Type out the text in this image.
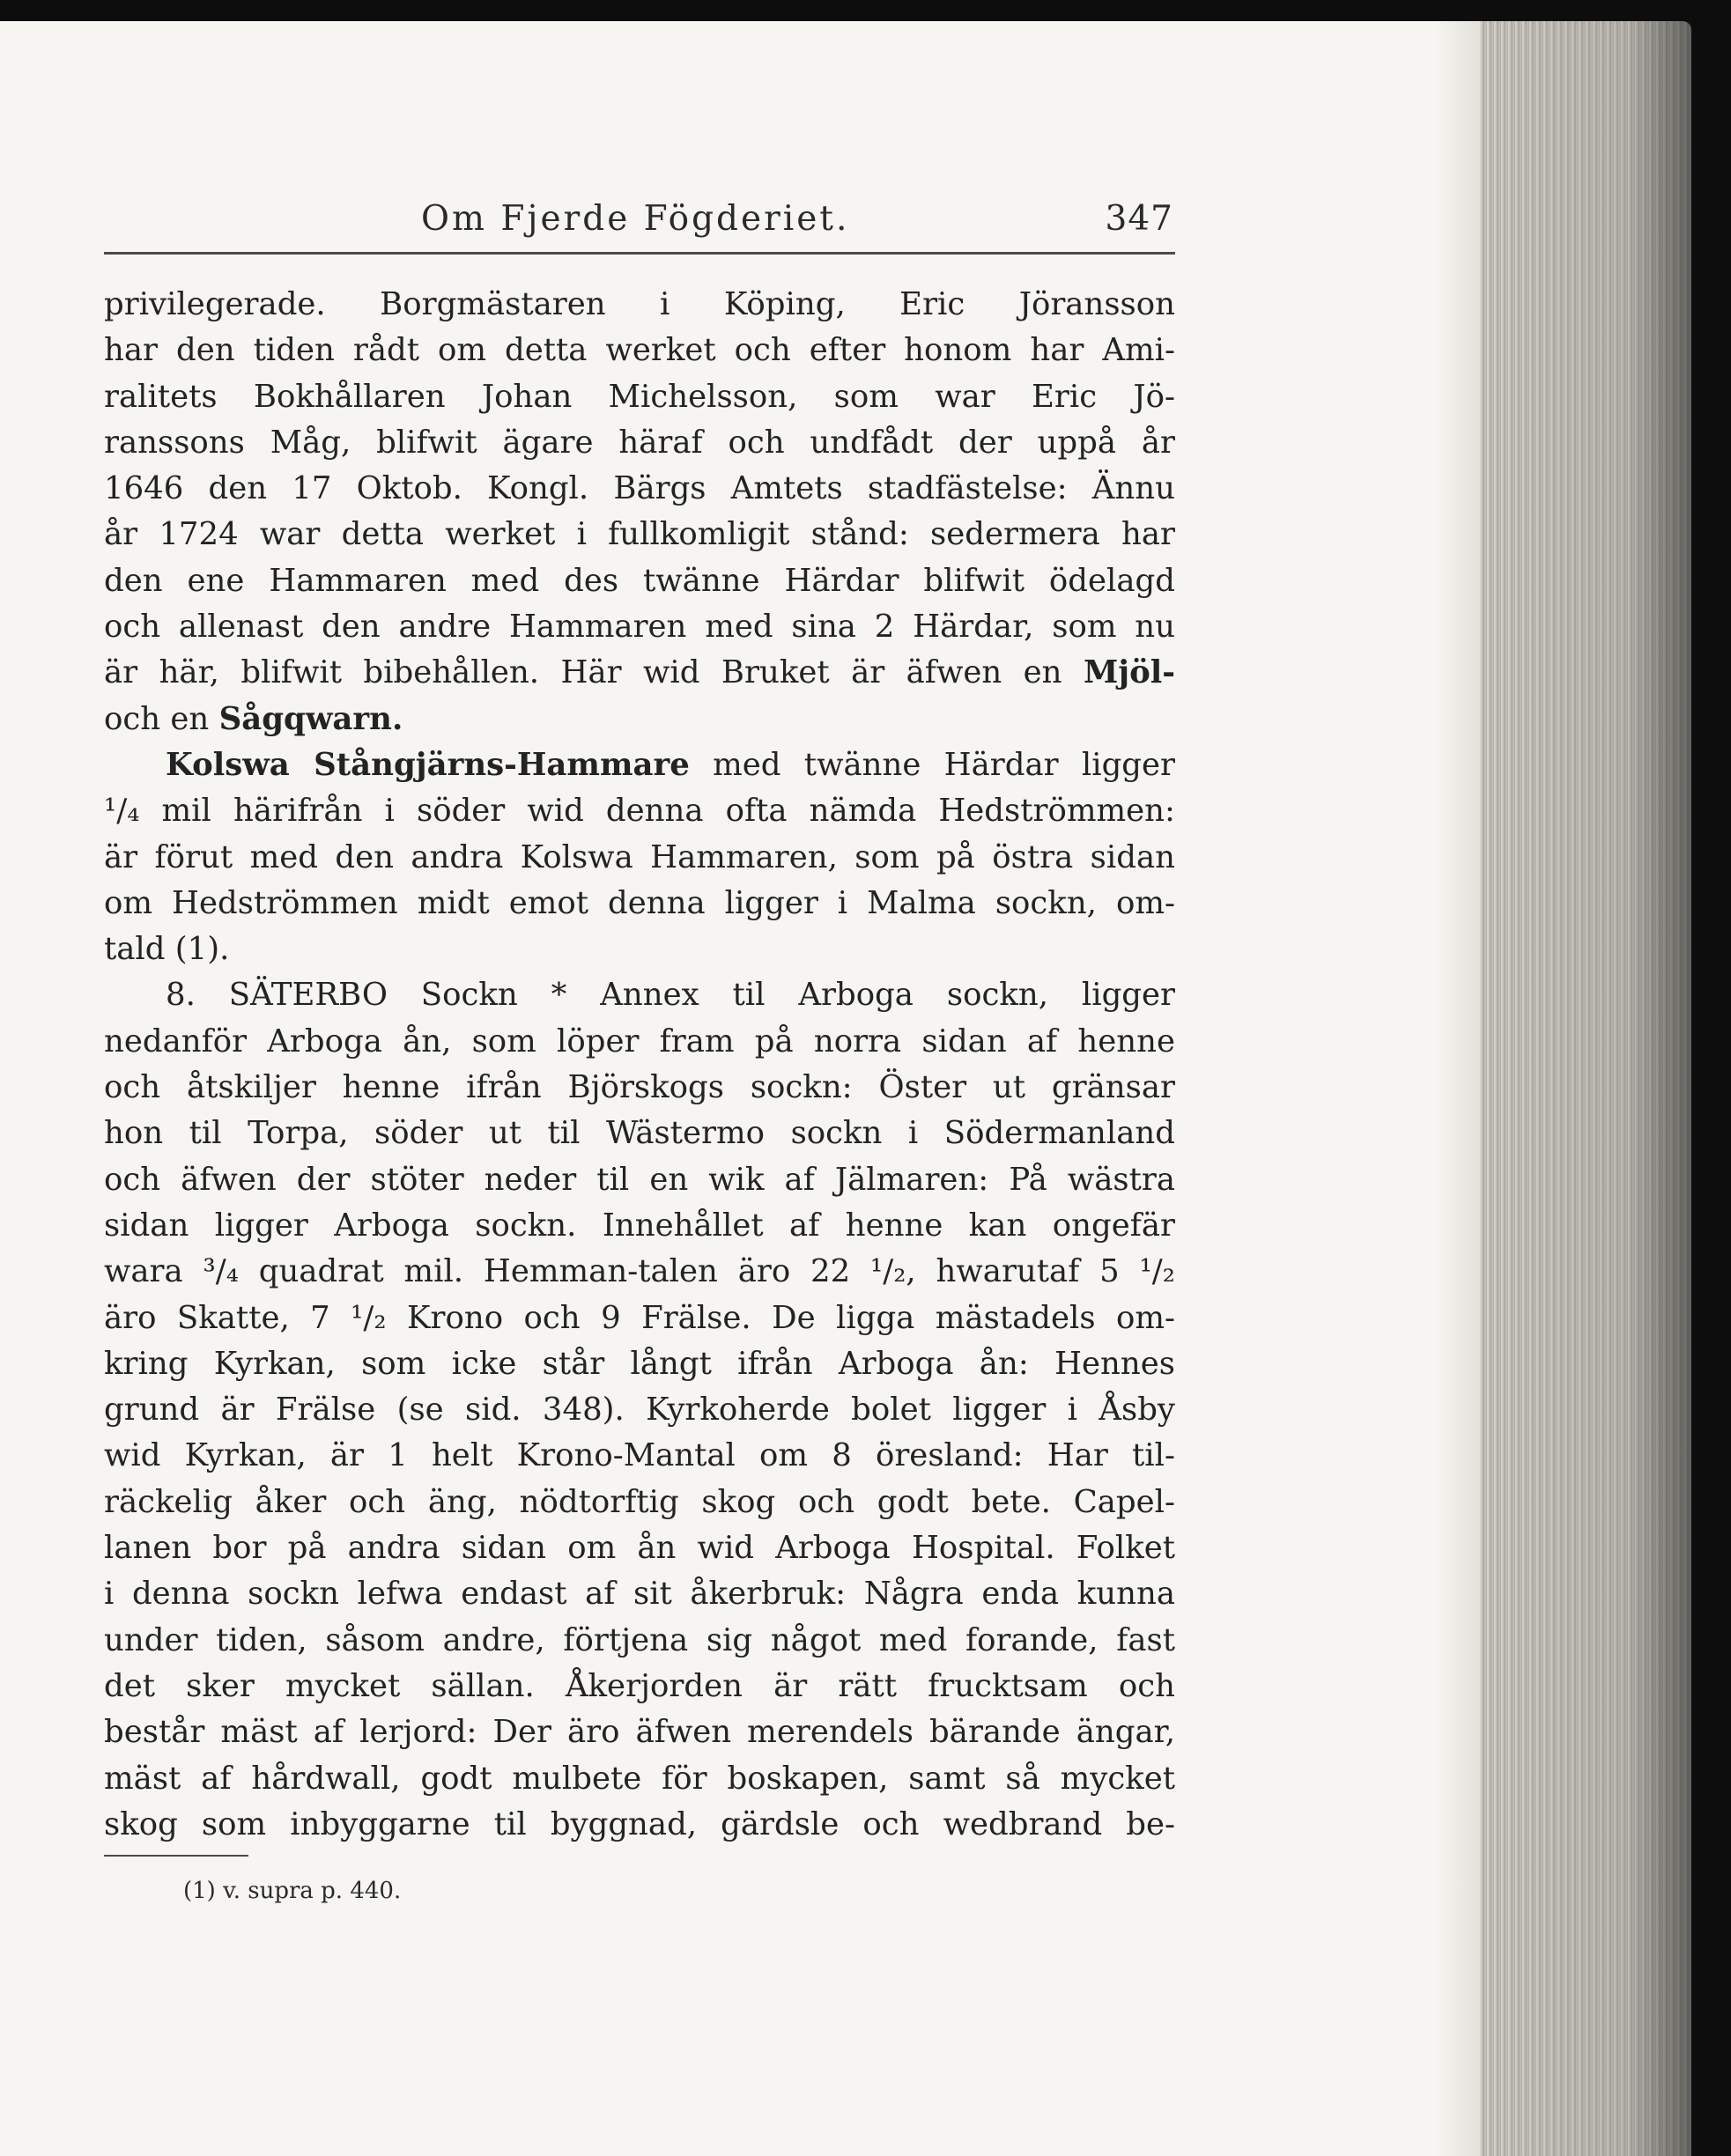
Om Fjerde Fögderiet.	347
privilegerade. Borgmästaren i Köping, Eric Jöransson
har den tiden rådt om detta werket och efter honom har Ami-
ralitets Bokhållaren Johan Michelsson, som war Eric Jö-
ranssons Måg, blifwit ägare häraf och undfådt der uppå år
1646 den 17 Oktob. Kongl. Bärgs Amtets stadfästelse: Ännu
år 1724 war detta werket i fullkomligit stånd: sedermera har
den ene Hammaren med des twänne Härdar blifwit ödelagd
och allenast den andre Hammaren med sina 2 Härdar, som nu
är här, blifwit bibehållen. Här wid Bruket är äfwen en Mjöl-
och en Sågqwarn.
Kolswa Stångjärns-Hammare med twänne Härdar ligger
¹/₄ mil härifrån i söder wid denna ofta nämda Hedströmmen:
är förut med den andra Kolswa Hammaren, som på östra sidan
om Hedströmmen midt emot denna ligger i Malma sockn, om-
tald (1).
8. SÄTERBO Sockn * Annex til Arboga sockn, ligger
nedanför Arboga ån, som löper fram på norra sidan af henne
och åtskiljer henne ifrån Björskogs sockn: Öster ut gränsar
hon til Torpa, söder ut til Wästermo sockn i Södermanland
och äfwen der stöter neder til en wik af Jälmaren: På wästra
sidan ligger Arboga sockn. Innehållet af henne kan ongefär
wara ³/₄ quadrat mil. Hemman-talen äro 22 ¹/₂, hwarutaf 5 ¹/₂
äro Skatte, 7 ¹/₂ Krono och 9 Frälse. De ligga mästadels om-
kring Kyrkan, som icke står långt ifrån Arboga ån: Hennes
grund är Frälse (se sid. 348). Kyrkoherde bolet ligger i Åsby
wid Kyrkan, är 1 helt Krono-Mantal om 8 öresland: Har til-
räckelig åker och äng, nödtorftig skog och godt bete. Capel-
lanen bor på andra sidan om ån wid Arboga Hospital. Folket
i denna sockn lefwa endast af sit åkerbruk: Några enda kunna
under tiden, såsom andre, förtjena sig något med forande, fast
det sker mycket sällan. Åkerjorden är rätt frucktsam och
består mäst af lerjord: Der äro äfwen merendels bärande ängar,
mäst af hårdwall, godt mulbete för boskapen, samt så mycket
skog som inbyggarne til byggnad, gärdsle och wedbrand be-
(1) v. supra p. 440.
